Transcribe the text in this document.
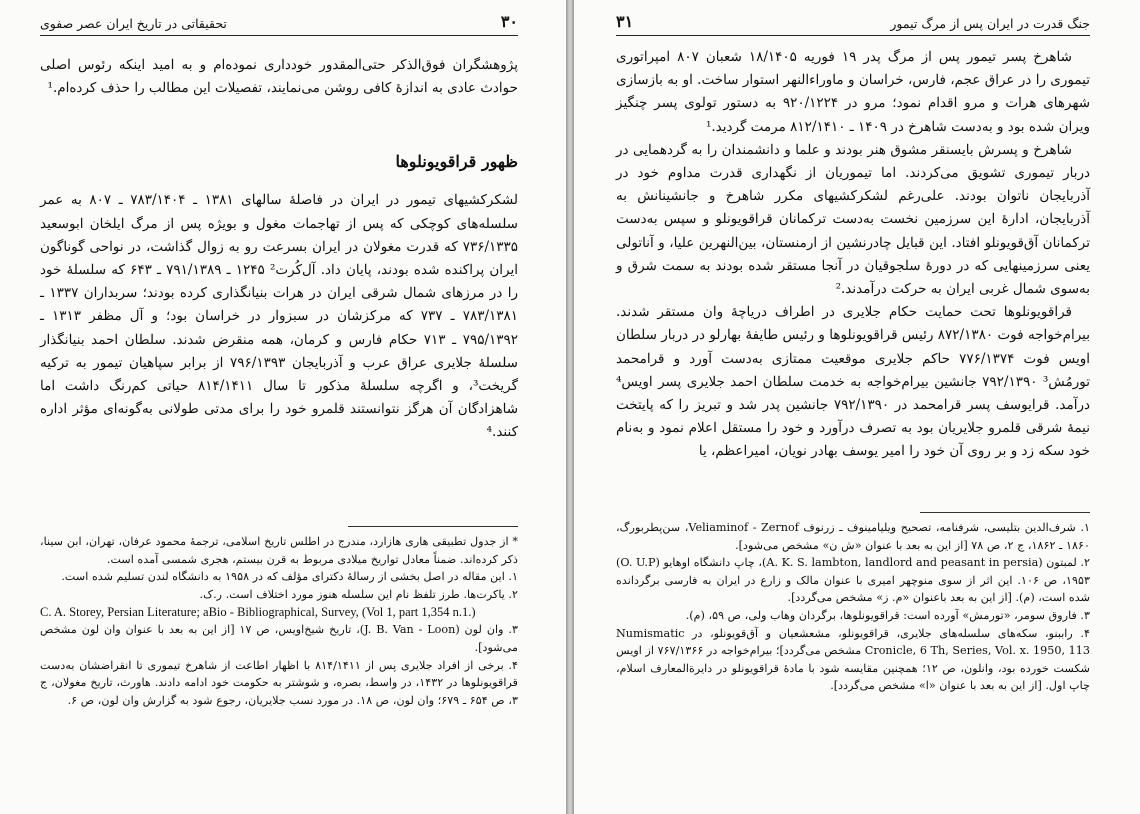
۳۰
تحقیقاتی در تاریخ ایران عصر صفوی

پژوهشگران فوق‌الذکر حتی‌المقدور خودداری نموده‌ام و به امید اینکه رئوس اصلی حوادث عادی به اندازهٔ کافی روشن می‌نمایند، تفصیلات این مطالب را حذف کرده‌ام.¹

ظهور قراقویونلوها

لشکرکشیهای تیمور در ایران در فاصلهٔ سالهای ۱۳۸۱ ـ ۷۸۳/۱۴۰۴ ـ ۸۰۷ به عمر سلسله‌های کوچکی که پس از تهاجمات مغول و بویژه پس از مرگ ایلخان ابوسعید ۷۳۶/۱۳۳۵ که قدرت مغولان در ایران بسرعت رو به زوال گذاشت، در نواحی گوناگون ایران پراکنده شده بودند، پایان داد. آل‌کُرت² ۱۲۴۵ ـ ۷۹۱/۱۳۸۹ ـ ۶۴۳ که سلسلهٔ خود را در مرزهای شمال شرقی ایران در هرات بنیانگذاری کرده بودند؛ سربداران ۱۳۳۷ ـ ۷۸۳/۱۳۸۱ ـ ۷۳۷ که مرکزشان در سبزوار در خراسان بود؛ و آل مظفر ۱۳۱۳ ـ ۷۹۵/۱۳۹۲ ـ ۷۱۳ حکام فارس و کرمان، همه منقرض شدند. سلطان احمد بنیانگذار سلسلهٔ جلایری عراق عرب و آذربایجان ۷۹۶/۱۳۹۳ از برابر سپاهیان تیمور به ترکیه گریخت³، و اگرچه سلسلهٔ مذکور تا سال ۸۱۴/۱۴۱۱ حیاتی کم‌رنگ داشت اما شاهزادگان آن هرگز نتوانستند قلمرو خود را برای مدتی طولانی به‌گونه‌ای مؤثر اداره کنند.⁴

* از جدول تطبیقی هاری هازارد، مندرج در اطلس تاریخ اسلامی، ترجمهٔ محمود عرفان، تهران، ابن سینا، ذکر کرده‌اند. ضمناً معادل تواریخ میلادی مربوط به قرن بیستم، هجری شمسی آمده است.

۱. این مقاله در اصل بخشی از رسالهٔ دکترای مؤلف که در ۱۹۵۸ به دانشگاه لندن تسلیم شده است.

۲. یاکرت‌ها. طرز تلفظ نام این سلسله هنوز مورد اختلاف است. ر.ک.

C. A. Storey, Persian Literature; aBio - Bibliographical, Survey, (Vol 1, part 1,354 n.1.)

۳. وان لون (J. B. Van - Loon)، تاریخ شیخ‌اویس، ص ۱۷ [از این به بعد با عنوان وان لون مشخص می‌شود].

۴. برخی از افراد جلایری پس از ۸۱۴/۱۴۱۱ با اظهار اطاعت از شاهرخ تیموری تا انقراضشان به‌دست قراقویونلوها در ۱۴۳۲، در واسط، بصره، و شوشتر به حکومت خود ادامه دادند. هاورث، تاریخ مغولان، ج ۳، ص ۶۵۴ ـ ۶۷۹؛ وان لون، ص ۱۸. در مورد نسب جلایریان، رجوع شود به گزارش وان لون، ص ۶.

جنگ قدرت در ایران پس از مرگ تیمور
۳۱

شاهرخ پسر تیمور پس از مرگ پدر ۱۹ فوریه ۱۸/۱۴۰۵ شعبان ۸۰۷ امپراتوری تیموری را در عراق عجم، فارس، خراسان و ماوراءالنهر استوار ساخت. او به بازسازی شهرهای هرات و مرو اقدام نمود؛ مرو در ۹۲۰/۱۲۲۴ به دستور تولوی پسر چنگیز ویران شده بود و به‌دست شاهرخ در ۱۴۰۹ ـ ۸۱۲/۱۴۱۰ مرمت گردید.¹

شاهرخ و پسرش بایسنقر مشوق هنر بودند و علما و دانشمندان را به گردهمایی در دربار تیموری تشویق می‌کردند. اما تیموریان از نگهداری قدرت مداوم خود در آذربایجان ناتوان بودند. علی‌رغم لشکرکشیهای مکرر شاهرخ و جانشینانش به آذربایجان، ادارهٔ این سرزمین نخست به‌دست ترکمانان قراقویونلو و سپس به‌دست ترکمانان آق‌قویونلو افتاد. این قبایل چادرنشین از ارمنستان، بین‌النهرین علیا، و آناتولی یعنی سرزمینهایی که در دورهٔ سلجوقیان در آنجا مستقر شده بودند به سمت شرق و به‌سوی شمال غربی ایران به حرکت درآمدند.²

قراقویونلوها تحت حمایت حکام جلایری در اطراف دریاچهٔ وان مستقر شدند. بیرام‌خواجه فوت ۸۷۲/۱۳۸۰ رئیس قراقویونلوها و رئیس طایفهٔ بهارلو در دربار سلطان اویس فوت ۷۷۶/۱۳۷۴ حاکم جلایری موقعیت ممتازی به‌دست آورد و قرامحمد تورمُش³ ۷۹۲/۱۳۹۰ جانشین بیرام‌خواجه به خدمت سلطان احمد جلایری پسر اویس⁴ درآمد. قرایوسف پسر قرامحمد در ۷۹۲/۱۳۹۰ جانشین پدر شد و تبریز را که پایتخت نیمهٔ شرقی قلمرو جلایریان بود به تصرف درآورد و خود را مستقل اعلام نمود و به‌نام خود سکه زد و بر روی آن خود را امیر یوسف بهادر نویان، امیراعظم، یا

۱. شرف‌الدین بتلیسی، شرفنامه، تصحیح ویلیامینوف ـ زرنوف Veliaminof - Zernof، سن‌پطربورگ، ۱۸۶۰ ـ ۱۸۶۲، ج ۲، ص ۷۸ [از این به بعد با عنوان «ش ن» مشخص می‌شود].

۲. لمبتون (A. K. S. lambton, landlord and peasant in persia)، چاپ دانشگاه اوهایو (O. U.P) ۱۹۵۳، ص ۱۰۶. این اثر از سوی منوچهر امیری با عنوان مالک و زارع در ایران به فارسی برگردانده شده است، (م). [از این به بعد باعنوان «م. ز» مشخص می‌گردد].

۳. فاروق سومر، «تورمش» آورده است: قراقویونلوها، برگردان وهاب ولی، ص ۵۹، (م).

۴. راببنو، سکه‌های سلسله‌های جلایری، قراقویونلو، مشعشعیان و آق‌قویونلو، در Numismatic Cronicle, 6 Th, Series, Vol. x. 1950, 113 مشخص می‌گردد]؛ بیرام‌خواجه در ۷۶۷/۱۳۶۶ از اویس شکست خورده بود، وانلون، ص ۱۲؛ همچنین مقایسه شود با مادهٔ قراقویونلو در دایرةالمعارف اسلام، چاپ اول. [از این به بعد با عنوان «ا» مشخص می‌گردد].
